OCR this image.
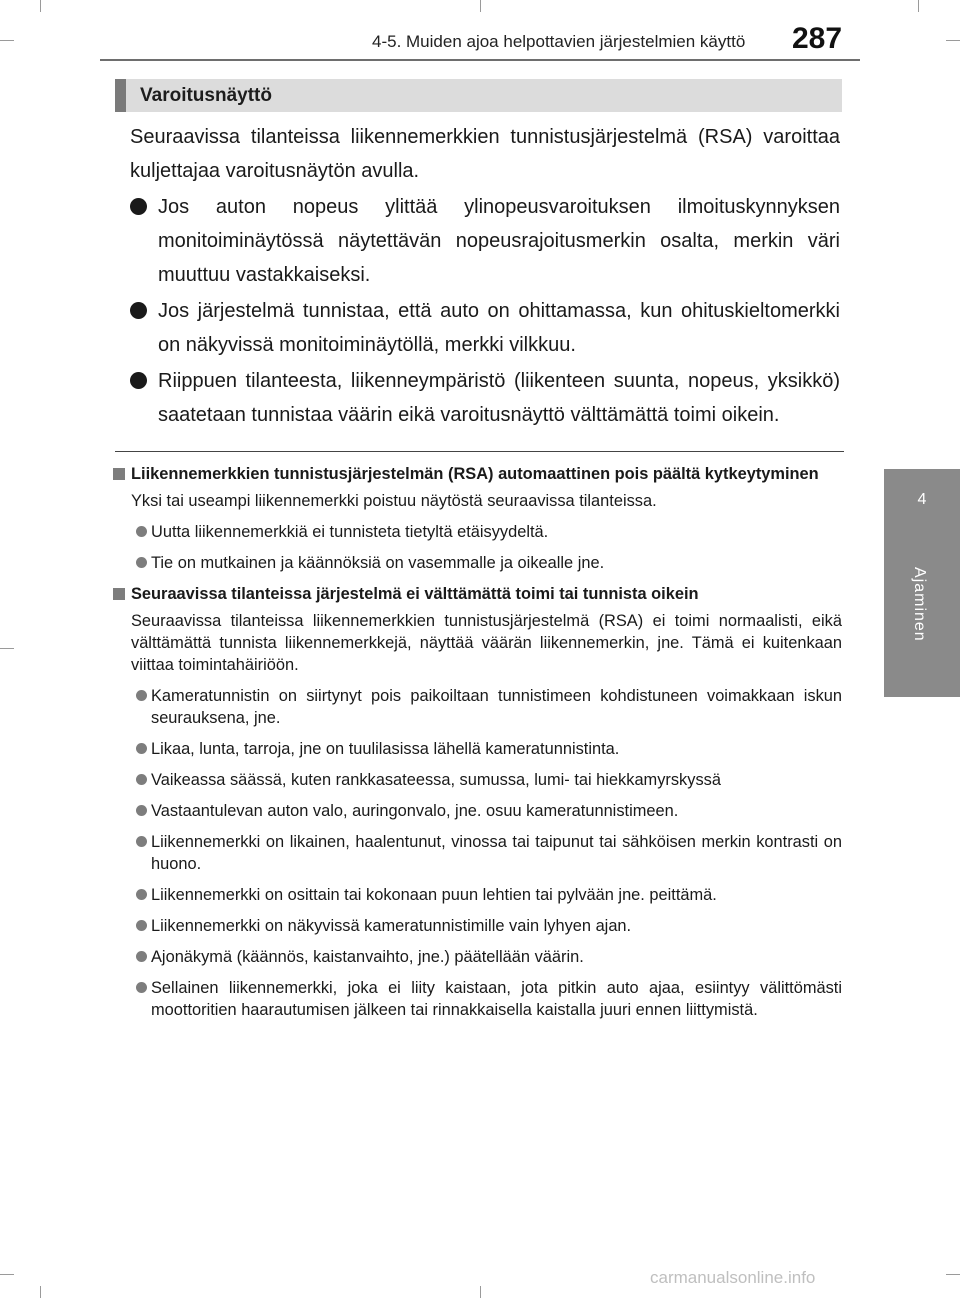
4-5. Muiden ajoa helpottavien järjestelmien käyttö 287
4
Ajaminen
Varoitusnäyttö
Seuraavissa tilanteissa liikennemerkkien tunnistusjärjestelmä (RSA) varoittaa kuljettajaa varoitusnäytön avulla.
Jos auton nopeus ylittää ylinopeusvaroituksen ilmoituskynnyksen monitoiminäytössä näytettävän nopeusrajoitusmerkin osalta, merkin väri muuttuu vastakkaiseksi.
Jos järjestelmä tunnistaa, että auto on ohittamassa, kun ohituskieltomerkki on näkyvissä monitoiminäytöllä, merkki vilkkuu.
Riippuen tilanteesta, liikenneympäristö (liikenteen suunta, nopeus, yksikkö) saatetaan tunnistaa väärin eikä varoitusnäyttö välttämättä toimi oikein.
Liikennemerkkien tunnistusjärjestelmän (RSA) automaattinen pois päältä kytkeytyminen
Yksi tai useampi liikennemerkki poistuu näytöstä seuraavissa tilanteissa.
Uutta liikennemerkkiä ei tunnisteta tietyltä etäisyydeltä.
Tie on mutkainen ja käännöksiä on vasemmalle ja oikealle jne.
Seuraavissa tilanteissa järjestelmä ei välttämättä toimi tai tunnista oikein
Seuraavissa tilanteissa liikennemerkkien tunnistusjärjestelmä (RSA) ei toimi normaalisti, eikä välttämättä tunnista liikennemerkkejä, näyttää väärän liikennemerkin, jne. Tämä ei kuitenkaan viittaa toimintahäiriöön.
Kameratunnistin on siirtynyt pois paikoiltaan tunnistimeen kohdistuneen voimakkaan iskun seurauksena, jne.
Likaa, lunta, tarroja, jne on tuulilasissa lähellä kameratunnistinta.
Vaikeassa säässä, kuten rankkasateessa, sumussa, lumi- tai hiekkamyrskyssä
Vastaantulevan auton valo, auringonvalo, jne. osuu kameratunnistimeen.
Liikennemerkki on likainen, haalentunut, vinossa tai taipunut tai sähköisen merkin kontrasti on huono.
Liikennemerkki on osittain tai kokonaan puun lehtien tai pylvään jne. peittämä.
Liikennemerkki on näkyvissä kameratunnistimille vain lyhyen ajan.
Ajonäkymä (käännös, kaistanvaihto, jne.) päätellään väärin.
Sellainen liikennemerkki, joka ei liity kaistaan, jota pitkin auto ajaa, esiintyy välittömästi moottoritien haarautumisen jälkeen tai rinnakkaisella kaistalla juuri ennen liittymistä.
carmanualsonline.info
